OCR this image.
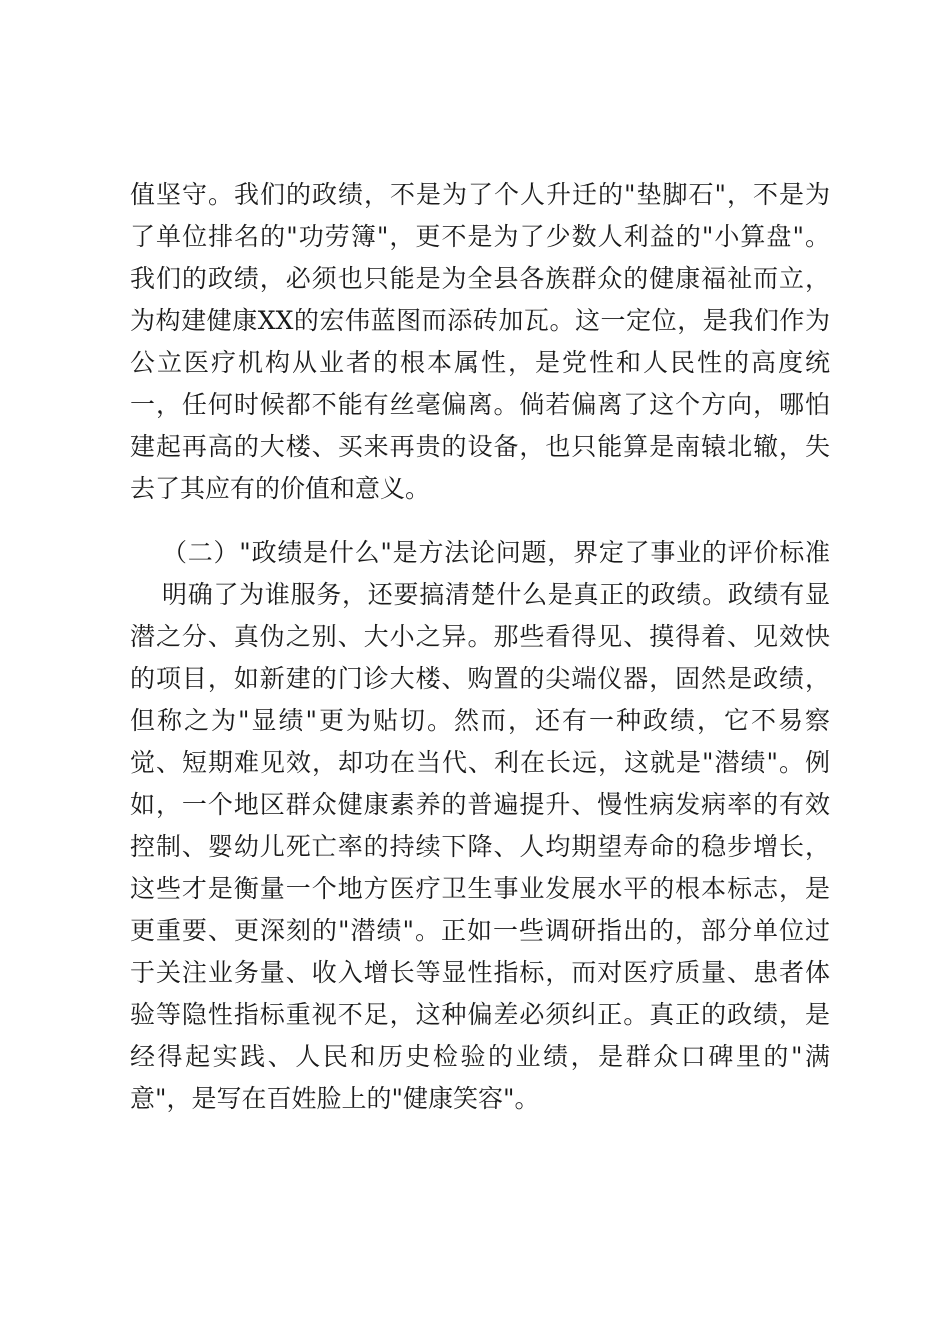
值坚守。我们的政绩，不是为了个人升迁的"垫脚石"，不是为
了单位排名的"功劳簿"，更不是为了少数人利益的"小算盘"。
我们的政绩，必须也只能是为全县各族群众的健康福祉而立，
为构建健康XX的宏伟蓝图而添砖加瓦。这一定位，是我们作为
公立医疗机构从业者的根本属性，是党性和人民性的高度统
一，任何时候都不能有丝毫偏离。倘若偏离了这个方向，哪怕
建起再高的大楼、买来再贵的设备，也只能算是南辕北辙，失
去了其应有的价值和意义。
（二）"政绩是什么"是方法论问题，界定了事业的评价标准
明确了为谁服务，还要搞清楚什么是真正的政绩。政绩有显
潜之分、真伪之别、大小之异。那些看得见、摸得着、见效快
的项目，如新建的门诊大楼、购置的尖端仪器，固然是政绩，
但称之为"显绩"更为贴切。然而，还有一种政绩，它不易察
觉、短期难见效，却功在当代、利在长远，这就是"潜绩"。例
如，一个地区群众健康素养的普遍提升、慢性病发病率的有效
控制、婴幼儿死亡率的持续下降、人均期望寿命的稳步增长，
这些才是衡量一个地方医疗卫生事业发展水平的根本标志，是
更重要、更深刻的"潜绩"。正如一些调研指出的，部分单位过
于关注业务量、收入增长等显性指标，而对医疗质量、患者体
验等隐性指标重视不足，这种偏差必须纠正。真正的政绩，是
经得起实践、人民和历史检验的业绩，是群众口碑里的"满
意"，是写在百姓脸上的"健康笑容"。
